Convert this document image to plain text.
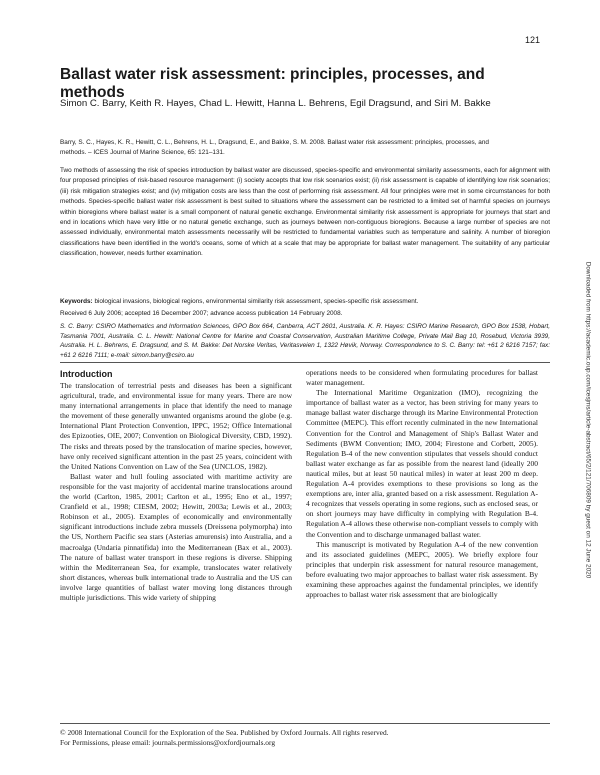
121
Ballast water risk assessment: principles, processes, and methods
Simon C. Barry, Keith R. Hayes, Chad L. Hewitt, Hanna L. Behrens, Egil Dragsund, and Siri M. Bakke
Barry, S. C., Hayes, K. R., Hewitt, C. L., Behrens, H. L., Dragsund, E., and Bakke, S. M. 2008. Ballast water risk assessment: principles, processes, and
methods. – ICES Journal of Marine Science, 65: 121–131.

Two methods of assessing the risk of species introduction by ballast water are discussed, species-specific and environmental similarity assessments, each for alignment with four proposed principles of risk-based resource management: (i) society accepts that low risk scenarios exist; (ii) risk assessment is capable of identifying low risk scenarios; (iii) risk mitigation strategies exist; and (iv) mitigation costs are less than the cost of performing risk assessment. All four principles were met in some circumstances for both methods. Species-specific ballast water risk assessment is best suited to situations where the assessment can be restricted to a limited set of harmful species on journeys within bioregions where ballast water is a small component of natural genetic exchange. Environmental similarity risk assessment is appropriate for journeys that start and end in locations which have very little or no natural genetic exchange, such as journeys between non-contiguous bioregions. Because a large number of species are not assessed individually, environmental match assessments necessarily will be restricted to fundamental variables such as temperature and salinity. A number of bioregion classifications have been identified in the world's oceans, some of which at a scale that may be appropriate for ballast water management. The suitability of any particular classification, however, needs further examination.

Keywords: biological invasions, biological regions, environmental similarity risk assessment, species-specific risk assessment.
Received 6 July 2006; accepted 16 December 2007; advance access publication 14 February 2008.
S. C. Barry: CSIRO Mathematics and Information Sciences, GPO Box 664, Canberra, ACT 2601, Australia. K. R. Hayes: CSIRO Marine Research, GPO Box 1538, Hobart, Tasmania 7001, Australia. C. L. Hewitt: National Centre for Marine and Coastal Conservation, Australian Maritime College, Private Mail Bag 10, Rosebud, Victoria 3939, Australia. H. L. Behrens, E. Dragsund, and S. M. Bakke: Det Norske Veritas, Veritasveien 1, 1322 Høvik, Norway. Correspondence to S. C. Barry: tel: +61 2 6216 7157; fax: +61 2 6216 7111; e-mail: simon.barry@csiro.au
Introduction

The translocation of terrestrial pests and diseases has been a significant agricultural, trade, and environmental issue for many years. There are now many international arrangements in place that identify the need to manage the movement of these generally unwanted organisms around the globe (e.g. International Plant Protection Convention, IPPC, 1952; Office International des Epizooties, OIE, 2007; Convention on Biological Diversity, CBD, 1992). The risks and threats posed by the translocation of marine species, however, have only received significant attention in the past 25 years, coincident with the United Nations Convention on Law of the Sea (UNCLOS, 1982).

Ballast water and hull fouling associated with maritime activity are responsible for the vast majority of accidental marine translocations around the world (Carlton, 1985, 2001; Carlton et al., 1995; Eno et al., 1997; Cranfield et al., 1998; CIESM, 2002; Hewitt, 2003a; Lewis et al., 2003; Robinson et al., 2005). Examples of economically and environmentally significant introductions include zebra mussels (Dreissena polymorpha) into the US, Northern Pacific sea stars (Asterias amurensis) into Australia, and a macroalga (Undaria pinnatifida) into the Mediterranean (Bax et al., 2003). The nature of ballast water transport in these regions is diverse. Shipping within the Mediterranean Sea, for example, translocates water relatively short distances, whereas bulk international trade to Australia and the US can involve large quantities of ballast water moving long distances through multiple jurisdictions. This wide variety of shipping

operations needs to be considered when formulating procedures for ballast water management.

The International Maritime Organization (IMO), recognizing the importance of ballast water as a vector, has been striving for many years to manage ballast water discharge through its Marine Environmental Protection Committee (MEPC). This effort recently culminated in the new International Convention for the Control and Management of Ship's Ballast Water and Sediments (BWM Convention; IMO, 2004; Firestone and Corbett, 2005). Regulation B-4 of the new convention stipulates that vessels should conduct ballast water exchange as far as possible from the nearest land (ideally 200 nautical miles, but at least 50 nautical miles) in water at least 200 m deep. Regulation A-4 provides exemptions to these provisions so long as the exemptions are, inter alia, granted based on a risk assessment. Regulation A-4 recognizes that vessels operating in some regions, such as enclosed seas, or on short journeys may have difficulty in complying with Regulation B-4. Regulation A-4 allows these otherwise non-compliant vessels to comply with the Convention and to discharge unmanaged ballast water.

This manuscript is motivated by Regulation A-4 of the new convention and its associated guidelines (MEPC, 2005). We briefly explore four principles that underpin risk assessment for natural resource management, before evaluating two major approaches to ballast water risk assessment. By examining these approaches against the fundamental principles, we identify approaches to ballast water risk assessment that are biologically

© 2008 International Council for the Exploration of the Sea. Published by Oxford Journals. All rights reserved.
For Permissions, please email: journals.permissions@oxfordjournals.org
Downloaded from https://academic.oup.com/icesjms/article-abstract/65/2/121/706809 by guest on 12 June 2020
